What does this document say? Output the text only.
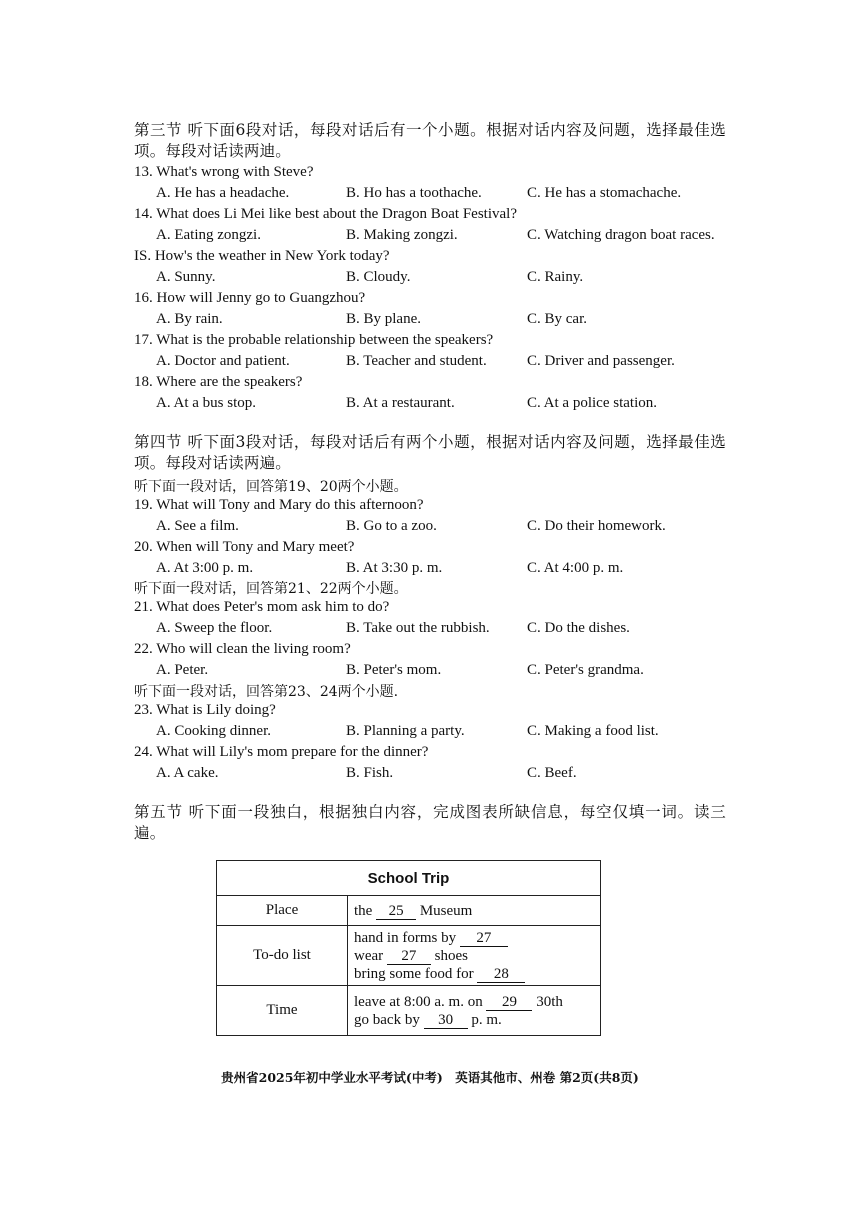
第三节 听下面6段对话，每段对话后有一个小题。根据对话内容及问题，选择最佳选项。每段对话读两迪。
13. What's wrong with Steve?
A. He has a headache.	B. Ho has a toothache.	C. He has a stomachache.
14. What does Li Mei like best about the Dragon Boat Festival?
A. Eating zongzi.	B. Making zongzi.	C. Watching dragon boat races.
IS. How's the weather in New York today?
A. Sunny.	B. Cloudy.	C. Rainy.
16. How will Jenny go to Guangzhou?
A. By rain.	B. By plane.	C. By car.
17. What is the probable relationship between the speakers?
A. Doctor and patient.	B. Teacher and student.	C. Driver and passenger.
18. Where are the speakers?
A. At a bus stop.	B. At a restaurant.	C. At a police station.
第四节 听下面3段对话，每段对话后有两个小题，根据对话内容及问题，选择最佳选项。每段对话读两遍。
听下面一段对话，回答第19、20两个小题。
19. What will Tony and Mary do this afternoon?
A. See a film.	B. Go to a zoo.	C. Do their homework.
20. When will Tony and Mary meet?
A. At 3:00 p. m.	B. At 3:30 p. m.	C. At 4:00 p. m.
听下面一段对话，回答第21、22两个小题。
21. What does Peter's mom ask him to do?
A. Sweep the floor.	B. Take out the rubbish. C. Do the dishes.
22. Who will clean the living room?
A. Peter.	B. Peter's mom.	C. Peter's grandma.
听下面一段对话，回答第23、24两个小题.
23. What is Lily doing?
A. Cooking dinner.	B. Planning a party.	C. Making a food list.
24. What will Lily's mom prepare for the dinner?
A. A cake.	B. Fish.	C. Beef.
第五节 听下面一段独白，根据独白内容，完成图表所缺信息，每空仅填一词。读三遍。
School Trip	
Place	the 25 Museum
To-do list	hand in forms by 27
wear 27 shoes
bring some food for 28

Time	leave at 8:00 a. m. on 29 30th
go back by 30 p. m.
贵州省2025年初中学业水平考试(中考)　英语其他市、州卷 第2页(共8页)
